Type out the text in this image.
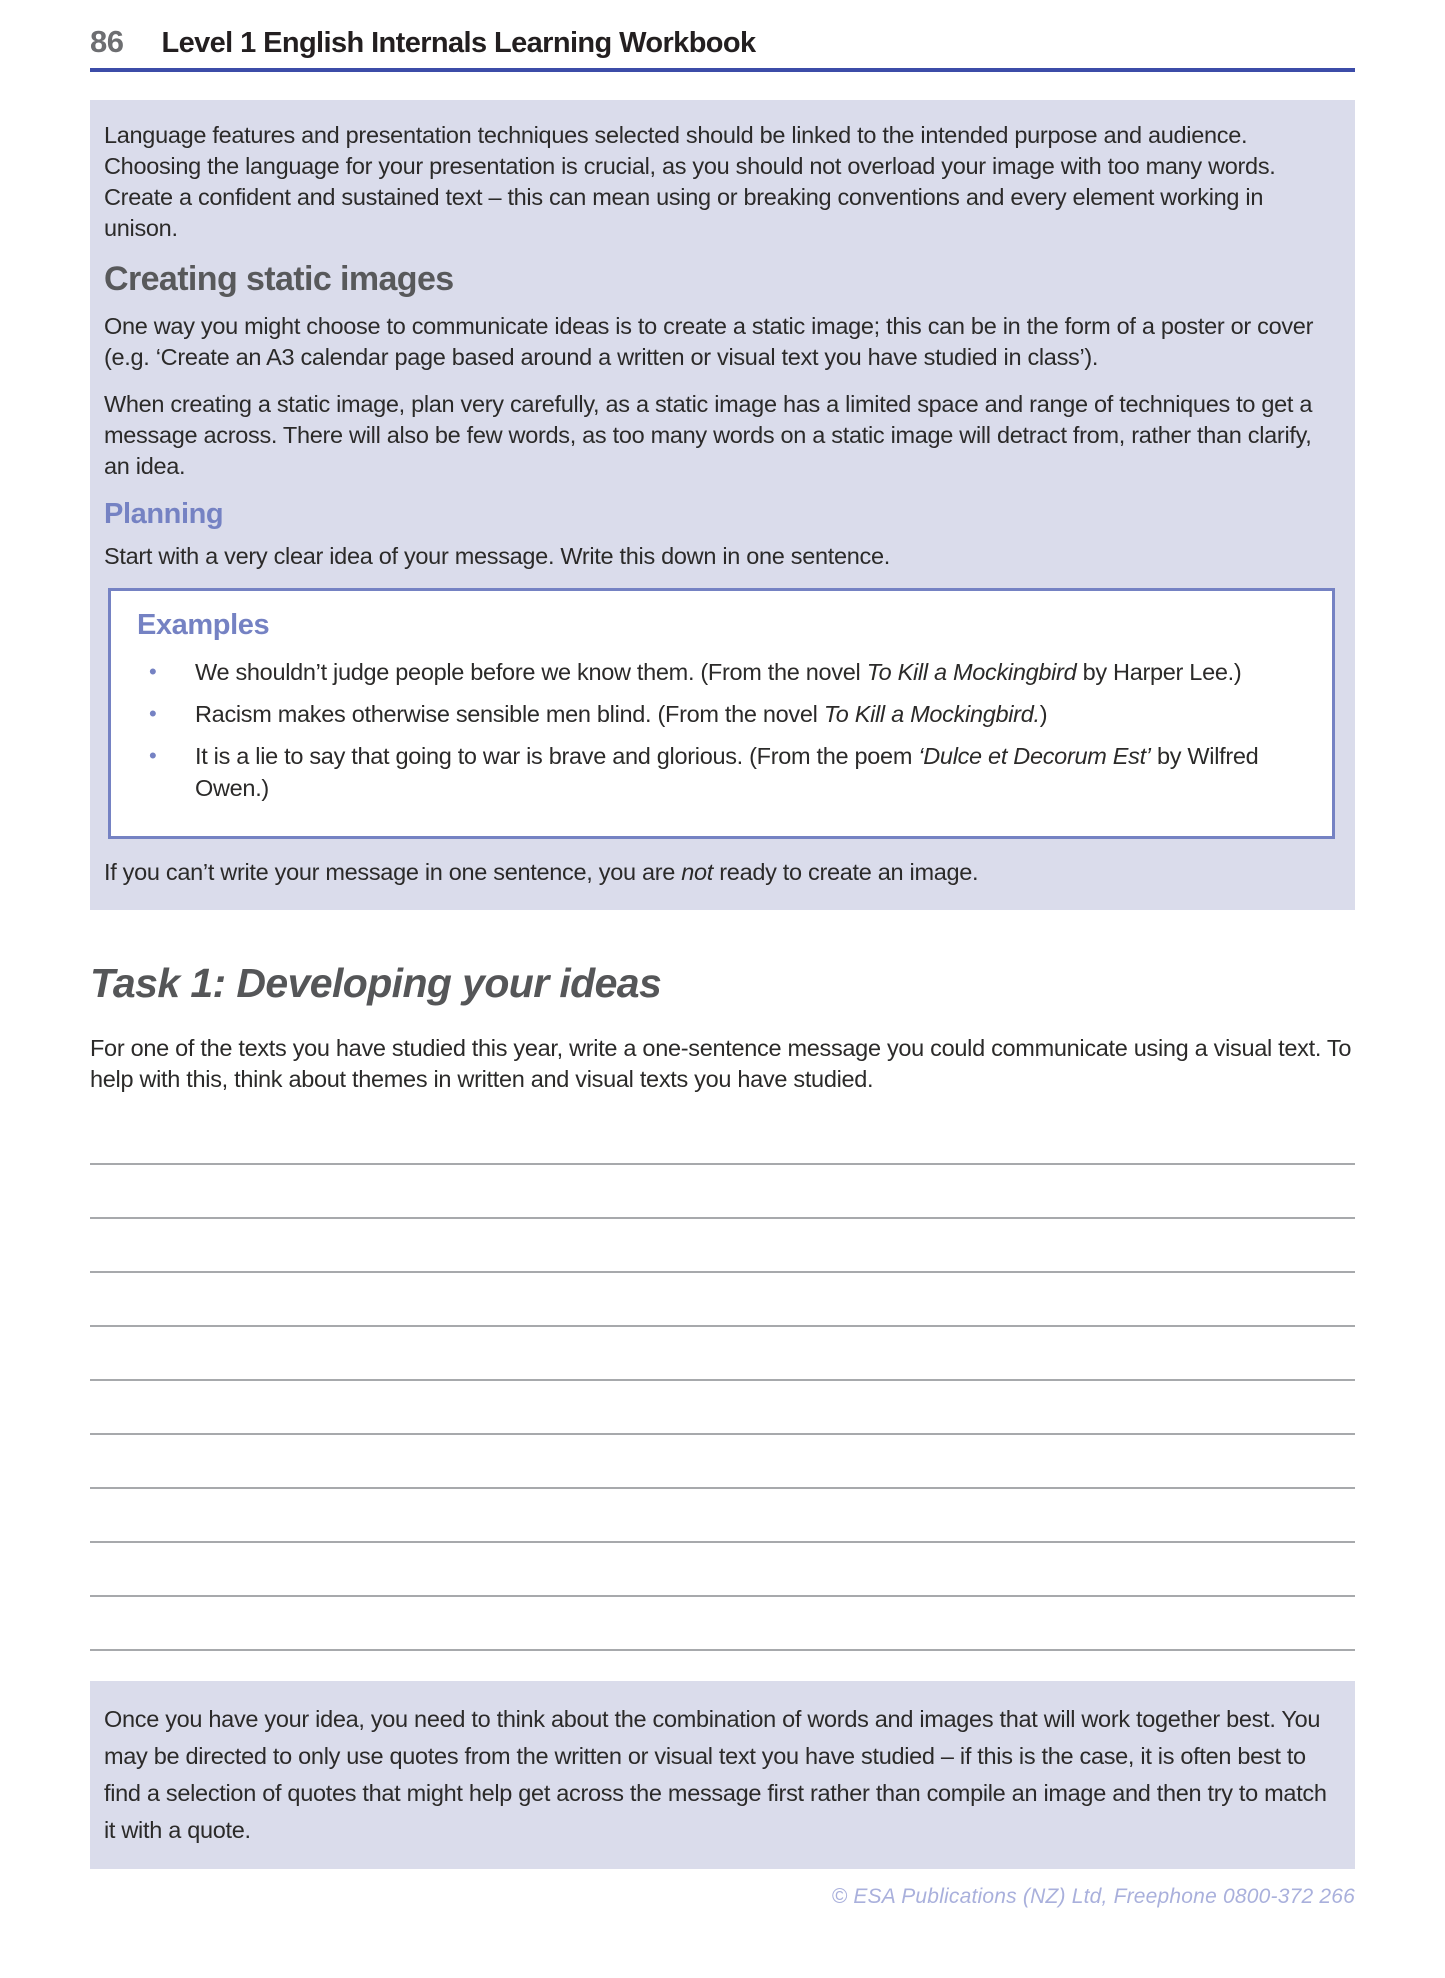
86 Level 1 English Internals Learning Workbook

Language features and presentation techniques selected should be linked to the intended purpose and audience. Choosing the language for your presentation is crucial, as you should not overload your image with too many words. Create a confident and sustained text – this can mean using or breaking conventions and every element working in unison.

Creating static images

One way you might choose to communicate ideas is to create a static image; this can be in the form of a poster or cover (e.g. ‘Create an A3 calendar page based around a written or visual text you have studied in class’).

When creating a static image, plan very carefully, as a static image has a limited space and range of techniques to get a message across. There will also be few words, as too many words on a static image will detract from, rather than clarify, an idea.

Planning

Start with a very clear idea of your message. Write this down in one sentence.

Examples
•
We shouldn’t judge people before we know them. (From the novel To Kill a Mockingbird by Harper Lee.)
•
Racism makes otherwise sensible men blind. (From the novel To Kill a Mockingbird.)
•
It is a lie to say that going to war is brave and glorious. (From the poem ‘Dulce et Decorum Est’ by Wilfred Owen.)

If you can’t write your message in one sentence, you are not ready to create an image.

Task 1: Developing your ideas

For one of the texts you have studied this year, write a one-sentence message you could communicate using a visual text. To help with this, think about themes in written and visual texts you have studied.

Once you have your idea, you need to think about the combination of words and images that will work together best. You may be directed to only use quotes from the written or visual text you have studied – if this is the case, it is often best to find a selection of quotes that might help get across the message first rather than compile an image and then try to match it with a quote.

© ESA Publications (NZ) Ltd, Freephone 0800-372 266
